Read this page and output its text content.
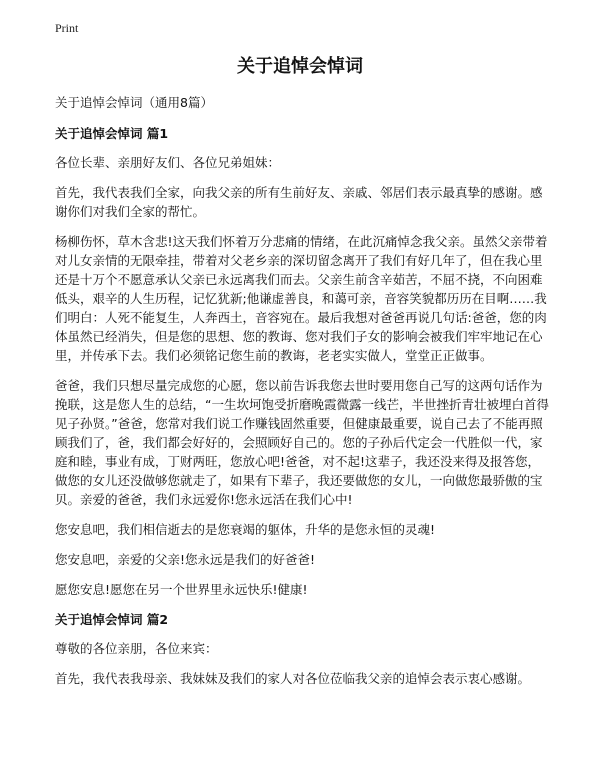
Print
关于追悼会悼词

关于追悼会悼词（通用8篇）

关于追悼会悼词 篇1

各位长辈、亲朋好友们、各位兄弟姐妹：

首先，我代表我们全家，向我父亲的所有生前好友、亲戚、邻居们表示最真挚的感谢。感谢你们对我们全家的帮忙。

杨柳伤怀，草木含悲!这天我们怀着万分悲痛的情绪，在此沉痛悼念我父亲。虽然父亲带着对儿女亲情的无限牵挂，带着对父老乡亲的深切留念离开了我们有好几年了，但在我心里还是十万个不愿意承认父亲已永远离我们而去。父亲生前含辛茹苦，不屈不挠，不向困难低头，艰辛的人生历程，记忆犹新;他谦虚善良，和蔼可亲，音容笑貌都历历在目啊……我们明白：人死不能复生，人奔西土，音容宛在。最后我想对爸爸再说几句话:爸爸，您的肉体虽然已经消失，但是您的思想、您的教诲、您对我们子女的影响会被我们牢牢地记在心里，并传承下去。我们必须铭记您生前的教诲，老老实实做人，堂堂正正做事。

爸爸，我们只想尽量完成您的心愿，您以前告诉我您去世时要用您自己写的这两句话作为挽联，这是您人生的总结，“一生坎坷饱受折磨晚霞微露一线芒，半世挫折青壮被埋白首得见子孙贤。”爸爸，您常对我们说工作赚钱固然重要，但健康最重要，说自己去了不能再照顾我们了，爸，我们都会好好的，会照顾好自己的。您的子孙后代定会一代胜似一代，家庭和睦，事业有成，丁财两旺，您放心吧!爸爸，对不起!这辈子，我还没来得及报答您，做您的女儿还没做够您就走了，如果有下辈子，我还要做您的女儿，一向做您最骄傲的宝贝。亲爱的爸爸，我们永远爱你!您永远活在我们心中!

您安息吧，我们相信逝去的是您衰竭的躯体，升华的是您永恒的灵魂!

您安息吧，亲爱的父亲!您永远是我们的好爸爸!

愿您安息!愿您在另一个世界里永远快乐!健康!

关于追悼会悼词 篇2

尊敬的各位亲朋，各位来宾：

首先，我代表我母亲、我妹妹及我们的家人对各位莅临我父亲的追悼会表示衷心感谢。
